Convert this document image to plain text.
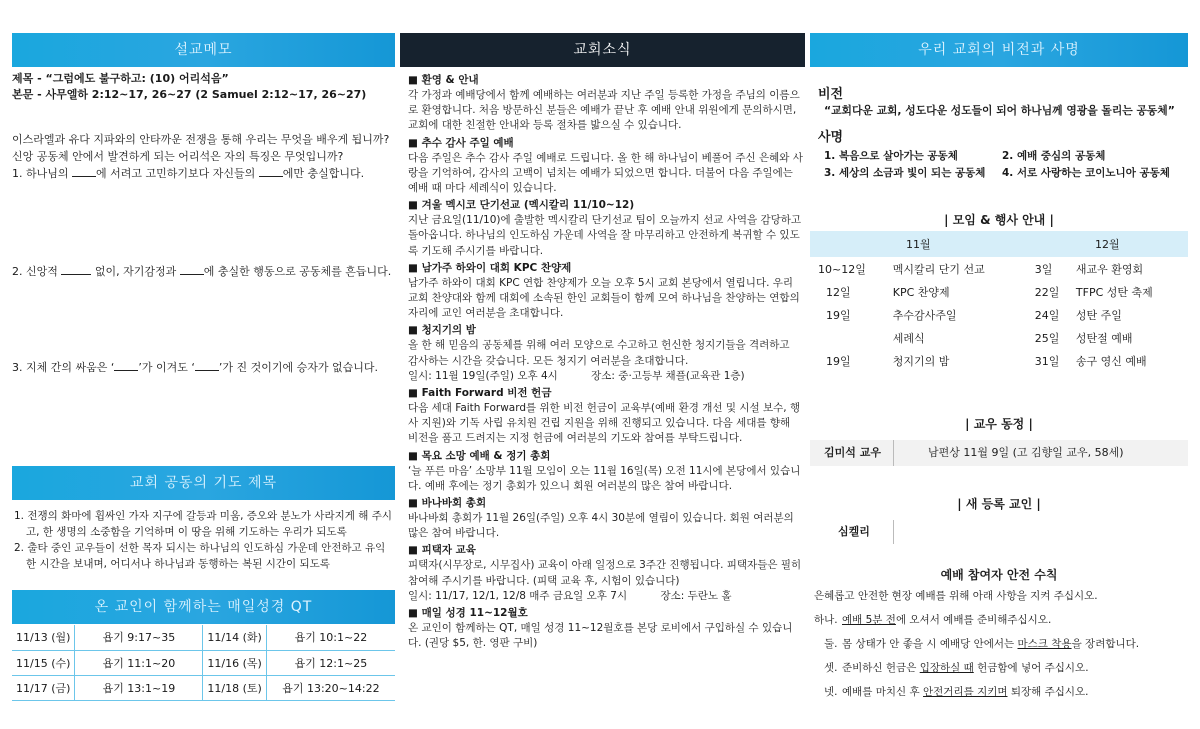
설교메모	교회소식	우리 교회의 비전과 사명
제목 - “그럼에도 불구하고: (10) 어리석음”
본문 - 사무엘하 2:12~17, 26~27 (2 Samuel 2:12~17, 26~27)
이스라엘과 유다 지파와의 안타까운 전쟁을 통해 우리는 무엇을 배우게 됩니까?
신앙 공동체 안에서 발견하게 되는 어리석은 자의 특징은 무엇입니까?
1. 하나님의 에 서려고 고민하기보다 자신들의 에만 충실합니다.
2. 신앙적	없이, 자기감정과 에 충실한 행동으로 공동체를 흔듭니다.
3. 지체 간의 싸움은 ‘ ’가 이겨도 ‘ ’가 진 것이기에 승자가 없습니다.
교회 공동의 기도 제목
1. 전쟁의 화마에 휩싸인 가자 지구에 갈등과 미움, 증오와 분노가 사라지게 해 주시고, 한 생명의 소중함을 기억하며 이 땅을 위해 기도하는 우리가 되도록
2. 출타 중인 교우들이 선한 목자 되시는 하나님의 인도하심 가운데 안전하고 유익한 시간을 보내며, 어디서나 하나님과 동행하는 복된 시간이 되도록
온 교인이 함께하는 매일성경 QT
11/13 (월)	욥기 9:17~35	11/14 (화)	욥기 10:1~22
11/15 (수)	욥기 11:1~20	11/16 (목)	욥기 12:1~25
11/17 (금)	욥기 13:1~19	11/18 (토)	욥기 13:20~14:22
■ 환영 & 안내
각 가정과 예배당에서 함께 예배하는 여러분과 지난 주일 등록한 가정을 주님의 이름으로 환영합니다. 처음 방문하신 분들은 예배가 끝난 후 예배 안내 위원에게 문의하시면, 교회에 대한 친절한 안내와 등록 절차를 밟으실 수 있습니다.
■ 추수 감사 주일 예배
다음 주일은 추수 감사 주일 예배로 드립니다. 올 한 해 하나님이 베풀어 주신 은혜와 사랑을 기억하여, 감사의 고백이 넘치는 예배가 되었으면 합니다. 더불어 다음 주일에는 예배 때 마다 세례식이 있습니다.
■ 겨울 멕시코 단기선교 (멕시칼리 11/10~12)
지난 금요일(11/10)에 출발한 멕시칼리 단기선교 팀이 오늘까지 선교 사역을 감당하고 돌아옵니다. 하나님의 인도하심 가운데 사역을 잘 마무리하고 안전하게 복귀할 수 있도록 기도해 주시기를 바랍니다.
■ 남가주 하와이 대회 KPC 찬양제
남가주 하와이 대회 KPC 연합 찬양제가 오늘 오후 5시 교회 본당에서 열립니다. 우리 교회 찬양대와 함께 대회에 소속된 한인 교회들이 함께 모여 하나님을 찬양하는 연합의 자리에 교인 여러분을 초대합니다.
■ 청지기의 밤
올 한 해 믿음의 공동체를 위해 여러 모양으로 수고하고 헌신한 청지기들을 격려하고 감사하는 시간을 갖습니다. 모든 청지기 여러분을 초대합니다.
일시: 11월 19일(주일) 오후 4시          장소: 중·고등부 채플(교육관 1층)
■ Faith Forward 비전 헌금
다음 세대 Faith Forward를 위한 비전 헌금이 교육부(예배 환경 개선 및 시설 보수, 행사 지원)와 기독 사립 유치원 건립 지원을 위해 진행되고 있습니다. 다음 세대를 향해 비전을 품고 드려지는 지정 헌금에 여러분의 기도와 참여를 부탁드립니다.
■ 목요 소망 예배 & 정기 총회
‘늘 푸른 마음’ 소망부 11월 모임이 오는 11월 16일(목) 오전 11시에 본당에서 있습니다. 예배 후에는 정기 총회가 있으니 회원 여러분의 많은 참여 바랍니다.
■ 바나바회 총회
바나바회 총회가 11월 26일(주일) 오후 4시 30분에 열림이 있습니다. 회원 여러분의 많은 참여 바랍니다.
■ 피택자 교육
피택자(시무장로, 시무집사) 교육이 아래 일정으로 3주간 진행됩니다. 피택자들은 필히 참여해 주시기를 바랍니다. (피택 교육 후, 시험이 있습니다)
일시: 11/17, 12/1, 12/8 매주 금요일 오후 7시          장소: 두란노 홀
■ 매일 성경 11~12월호
온 교인이 함께하는 QT, 매일 성경 11~12월호를 본당 로비에서 구입하실 수 있습니다. (권당 $5, 한. 영판 구비)
비전
“교회다운 교회, 성도다운 성도들이 되어 하나님께 영광을 돌리는 공동체”
사명
1. 복음으로 살아가는 공동체	2. 예배 중심의 공동체
3. 세상의 소금과 빛이 되는 공동체 4. 서로 사랑하는 코이노니아 공동체
| 모임 & 행사 안내 |
11월		12월	
10~12일	멕시칼리 단기 선교	3일	새교우 환영회
12일	KPC 찬양제	22일	TFPC 성탄 축제
19일	추수감사주일	24일	성탄 주일
	세례식	25일	성탄절 예배
19일	청지기의 밤	31일	송구 영신 예배
| 교우 동정 |
김미석 교우	남편상 11월 9일 (고 김향일 교우, 58세)
| 새 등록 교인 |
심켈리
예배 참여자 안전 수칙
은혜롭고 안전한 현장 예배를 위해 아래 사항을 지켜 주십시오.
하나. 예배 5분 전에 오셔서 예배를 준비해주십시오.
둘. 몸 상태가 안 좋을 시 예배당 안에서는 마스크 착용을 장려합니다.
셋. 준비하신 헌금은 입장하실 때 헌금함에 넣어 주십시오.
넷. 예배를 마치신 후 안전거리를 지키며 퇴장해 주십시오.
